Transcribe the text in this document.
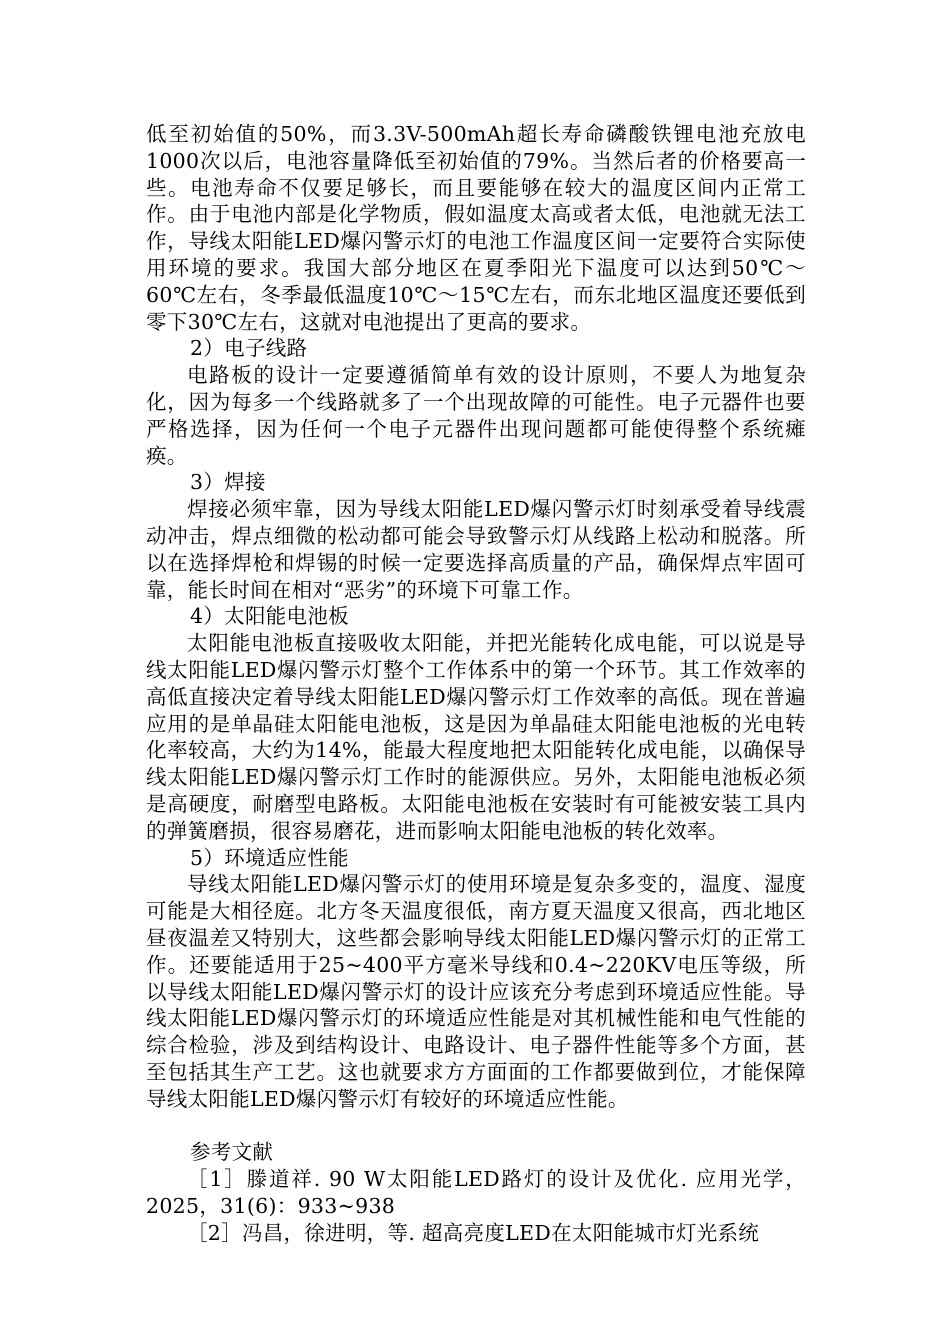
低至初始值的50%，而3.3V-500mAh超长寿命磷酸铁锂电池充放电1000次以后，电池容量降低至初始值的79%。当然后者的价格要高一些。电池寿命不仅要足够长，而且要能够在较大的温度区间内正常工作。由于电池内部是化学物质，假如温度太高或者太低，电池就无法工作，导线太阳能LED爆闪警示灯的电池工作温度区间一定要符合实际使用环境的要求。我国大部分地区在夏季阳光下温度可以达到50℃～60℃左右，冬季最低温度10℃～15℃左右，而东北地区温度还要低到零下30℃左右，这就对电池提出了更高的要求。

2）电子线路

电路板的设计一定要遵循简单有效的设计原则，不要人为地复杂化，因为每多一个线路就多了一个出现故障的可能性。电子元器件也要严格选择，因为任何一个电子元器件出现问题都可能使得整个系统瘫痪。

3）焊接

焊接必须牢靠，因为导线太阳能LED爆闪警示灯时刻承受着导线震动冲击，焊点细微的松动都可能会导致警示灯从线路上松动和脱落。所以在选择焊枪和焊锡的时候一定要选择高质量的产品，确保焊点牢固可靠，能长时间在相对“恶劣”的环境下可靠工作。

4）太阳能电池板

太阳能电池板直接吸收太阳能，并把光能转化成电能，可以说是导线太阳能LED爆闪警示灯整个工作体系中的第一个环节。其工作效率的高低直接决定着导线太阳能LED爆闪警示灯工作效率的高低。现在普遍应用的是单晶硅太阳能电池板，这是因为单晶硅太阳能电池板的光电转化率较高，大约为14%，能最大程度地把太阳能转化成电能，以确保导线太阳能LED爆闪警示灯工作时的能源供应。另外，太阳能电池板必须是高硬度，耐磨型电路板。太阳能电池板在安装时有可能被安装工具内的弹簧磨损，很容易磨花，进而影响太阳能电池板的转化效率。

5）环境适应性能

导线太阳能LED爆闪警示灯的使用环境是复杂多变的，温度、湿度可能是大相径庭。北方冬天温度很低，南方夏天温度又很高，西北地区昼夜温差又特别大，这些都会影响导线太阳能LED爆闪警示灯的正常工作。还要能适用于25~400平方毫米导线和0.4~220KV电压等级，所以导线太阳能LED爆闪警示灯的设计应该充分考虑到环境适应性能。导线太阳能LED爆闪警示灯的环境适应性能是对其机械性能和电气性能的综合检验，涉及到结构设计、电路设计、电子器件性能等多个方面，甚至包括其生产工艺。这也就要求方方面面的工作都要做到位，才能保障导线太阳能LED爆闪警示灯有较好的环境适应性能。

参考文献

［1］滕道祥. 90 W太阳能LED路灯的设计及优化. 应用光学，2025，31(6)：933~938

［2］冯昌，徐进明，等. 超高亮度LED在太阳能城市灯光系统
